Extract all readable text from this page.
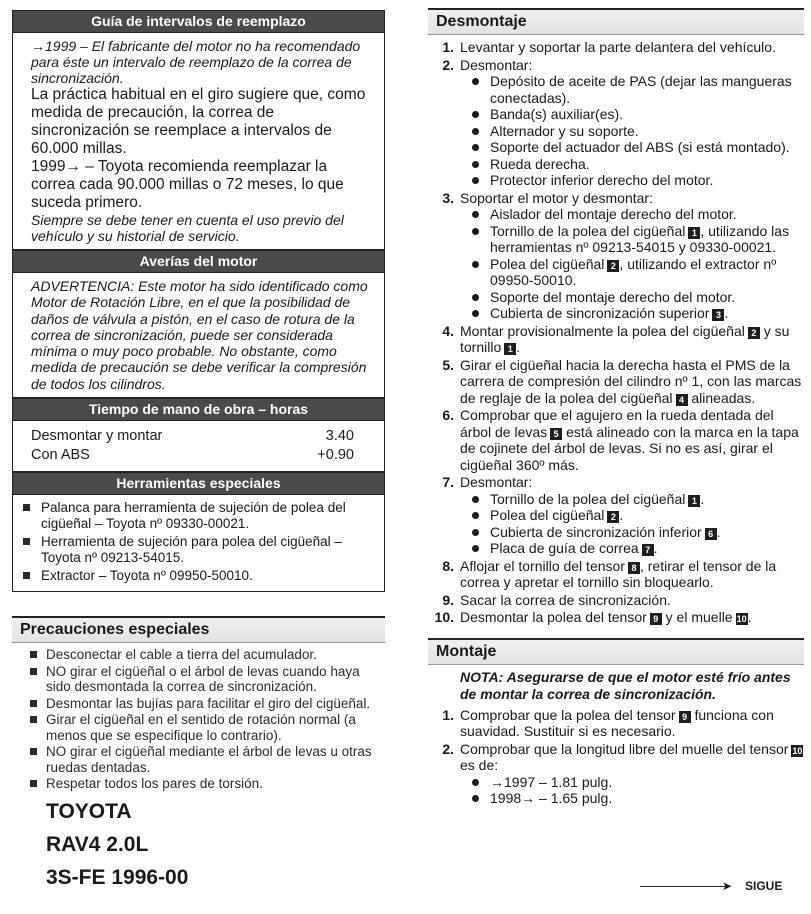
Guía de intervalos de reemplazo
→1999 – El fabricante del motor no ha recomendado para éste un intervalo de reemplazo de la correa de sincronización.
La práctica habitual en el giro sugiere que, como medida de precaución, la correa de sincronización se reemplace a intervalos de 60.000 millas.
1999→ – Toyota recomienda reemplazar la correa cada 90.000 millas o 72 meses, lo que suceda primero.
Siempre se debe tener en cuenta el uso previo del vehículo y su historial de servicio.
Averías del motor
ADVERTENCIA: Este motor ha sido identificado como Motor de Rotación Libre, en el que la posibilidad de daños de válvula a pistón, en el caso de rotura de la correa de sincronización, puede ser considerada mínima o muy poco probable. No obstante, como medida de precaución se debe verificar la compresión de todos los cilindros.
Tiempo de mano de obra – horas
Desmontar y montar	3.40
Con ABS	+0.90
Herramientas especiales
Palanca para herramienta de sujeción de polea del cigüeñal – Toyota nº 09330-00021.
Herramienta de sujeción para polea del cigüeñal – Toyota nº 09213-54015.
Extractor – Toyota nº 09950-50010.
Precauciones especiales
Desconectar el cable a tierra del acumulador.
NO girar el cigüeñal o el árbol de levas cuando haya sido desmontada la correa de sincronización.
Desmontar las bujías para facilitar el giro del cigüeñal.
Girar el cigüeñal en el sentido de rotación normal (a menos que se especifique lo contrario).
NO girar el cigüeñal mediante el árbol de levas u otras ruedas dentadas.
Respetar todos los pares de torsión.
TOYOTA
RAV4 2.0L
3S-FE 1996-00
Desmontaje
1. Levantar y soportar la parte delantera del vehículo.
2. Desmontar:
Depósito de aceite de PAS (dejar las mangueras conectadas).
Banda(s) auxiliar(es).
Alternador y su soporte.
Soporte del actuador del ABS (si está montado).
Rueda derecha.
Protector inferior derecho del motor.
3. Soportar el motor y desmontar:
Aislador del montaje derecho del motor.
Tornillo de la polea del cigüeñal 1 , utilizando las herramientas nº 09213-54015 y 09330-00021.
Polea del cigüeñal 2 , utilizando el extractor nº 09950-50010.
Soporte del montaje derecho del motor.
Cubierta de sincronización superior 3 .
4. Montar provisionalmente la polea del cigüeñal 2 y su tornillo 1 .
5. Girar el cigüeñal hacia la derecha hasta el PMS de la carrera de compresión del cilindro nº 1, con las marcas de reglaje de la polea del cigüeñal 4 alineadas.
6. Comprobar que el agujero en la rueda dentada del árbol de levas 5 está alineado con la marca en la tapa de cojinete del árbol de levas. Si no es así, girar el cigüeñal 360º más.
7. Desmontar:
Tornillo de la polea del cigüeñal 1 .
Polea del cigüeñal 2 .
Cubierta de sincronización inferior 6 .
Placa de guía de correa 7 .
8. Aflojar el tornillo del tensor 8 , retirar el tensor de la correa y apretar el tornillo sin bloquearlo.
9. Sacar la correa de sincronización.
10. Desmontar la polea del tensor 9 y el muelle 10.
Montaje
NOTA: Asegurarse de que el motor esté frío antes de montar la correa de sincronización.
1. Comprobar que la polea del tensor 9 funciona con suavidad. Sustituir si es necesario.
2. Comprobar que la longitud libre del muelle del tensor 10 es de:
→1997 – 1.81 pulg.
1998→ – 1.65 pulg.
➤ SIGUE
